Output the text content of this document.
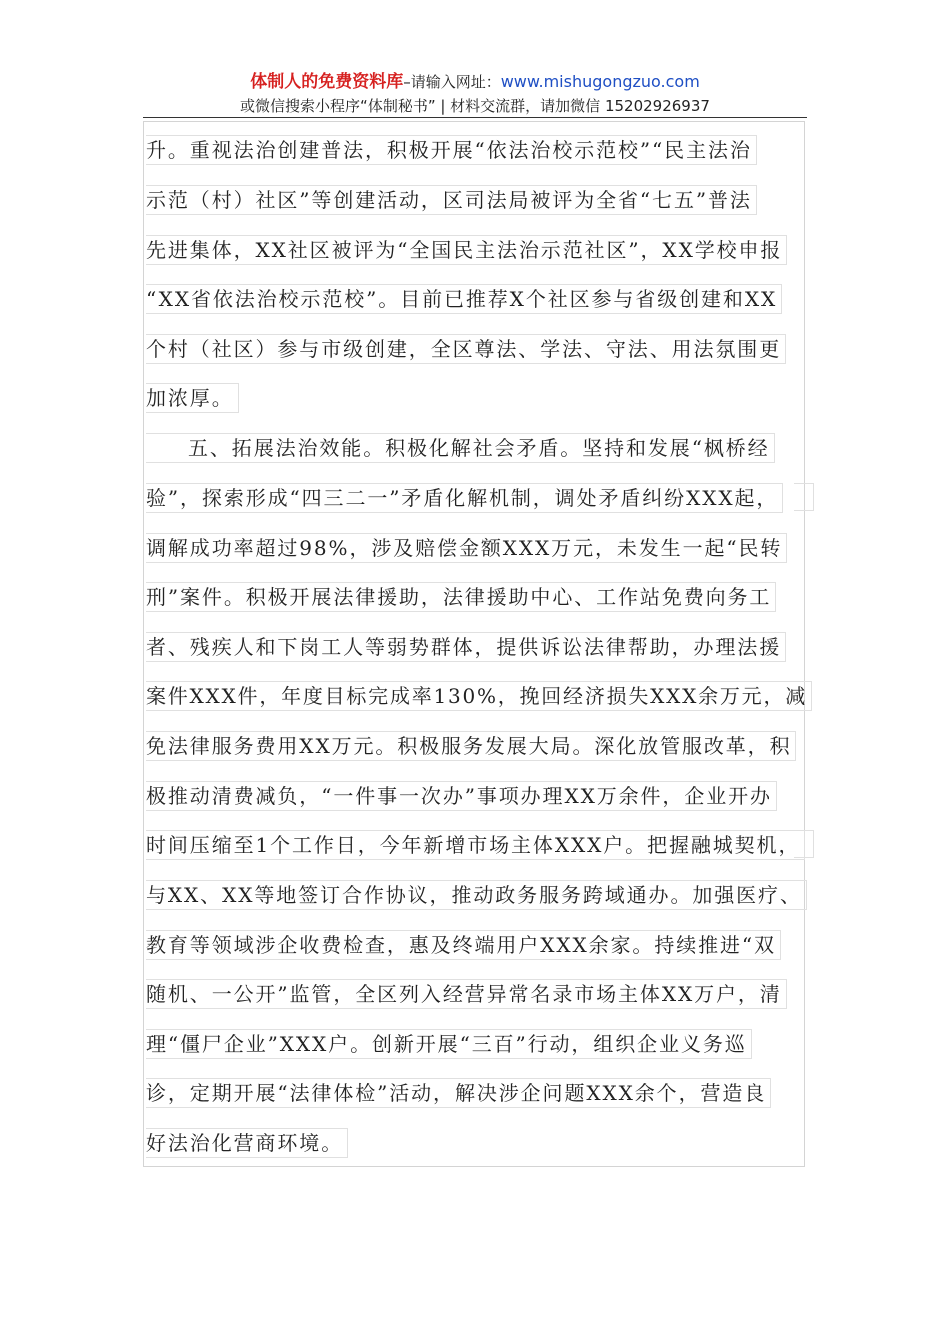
体制人的免费资料库–请输入网址：www.mishugongzuo.com
或微信搜索小程序“体制秘书” | 材料交流群，请加微信 15202926937
升。重视法治创建普法，积极开展“依法治校示范校”“民主法治
示范（村）社区”等创建活动，区司法局被评为全省“七五”普法
先进集体，XX社区被评为“全国民主法治示范社区”，XX学校申报
“XX省依法治校示范校”。目前已推荐X个社区参与省级创建和XX
个村（社区）参与市级创建，全区尊法、学法、守法、用法氛围更
加浓厚。
五、拓展法治效能。积极化解社会矛盾。坚持和发展“枫桥经
验”，探索形成“四三二一”矛盾化解机制，调处矛盾纠纷XXX起，
调解成功率超过98%，涉及赔偿金额XXX万元，未发生一起“民转
刑”案件。积极开展法律援助，法律援助中心、工作站免费向务工
者、残疾人和下岗工人等弱势群体，提供诉讼法律帮助，办理法援
案件XXX件，年度目标完成率130%，挽回经济损失XXX余万元，减
免法律服务费用XX万元。积极服务发展大局。深化放管服改革，积
极推动清费减负，“一件事一次办”事项办理XX万余件，企业开办
时间压缩至1个工作日，今年新增市场主体XXX户。把握融城契机，
与XX、XX等地签订合作协议，推动政务服务跨域通办。加强医疗、
教育等领域涉企收费检查，惠及终端用户XXX余家。持续推进“双
随机、一公开”监管，全区列入经营异常名录市场主体XX万户，清
理“僵尸企业”XXX户。创新开展“三百”行动，组织企业义务巡
诊，定期开展“法律体检”活动，解决涉企问题XXX余个，营造良
好法治化营商环境。
